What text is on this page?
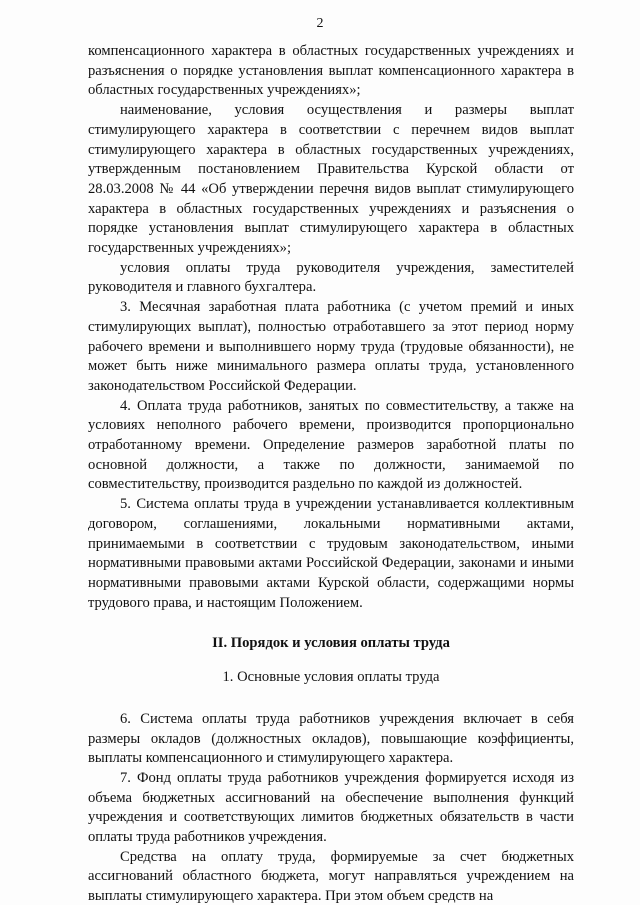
2

компенсационного характера в областных государственных учреждениях и разъяснения о порядке установления выплат компенсационного характера в областных государственных учреждениях»;

наименование, условия осуществления и размеры выплат стимулирующего характера в соответствии с перечнем видов выплат стимулирующего характера в областных государственных учреждениях, утвержденным постановлением Правительства Курской области от 28.03.2008 № 44 «Об утверждении перечня видов выплат стимулирующего характера в областных государственных учреждениях и разъяснения о порядке установления выплат стимулирующего характера в областных государственных учреждениях»;

условия оплаты труда руководителя учреждения, заместителей руководителя и главного бухгалтера.

3. Месячная заработная плата работника (с учетом премий и иных стимулирующих выплат), полностью отработавшего за этот период норму рабочего времени и выполнившего норму труда (трудовые обязанности), не может быть ниже минимального размера оплаты труда, установленного законодательством Российской Федерации.

4. Оплата труда работников, занятых по совместительству, а также на условиях неполного рабочего времени, производится пропорционально отработанному времени. Определение размеров заработной платы по основной должности, а также по должности, занимаемой по совместительству, производится раздельно по каждой из должностей.

5. Система оплаты труда в учреждении устанавливается коллективным договором, соглашениями, локальными нормативными актами, принимаемыми в соответствии с трудовым законодательством, иными нормативными правовыми актами Российской Федерации, законами и иными нормативными правовыми актами Курской области, содержащими нормы трудового права, и настоящим Положением.

II. Порядок и условия оплаты труда
1. Основные условия оплаты труда

6. Система оплаты труда работников учреждения включает в себя размеры окладов (должностных окладов), повышающие коэффициенты, выплаты компенсационного и стимулирующего характера.

7. Фонд оплаты труда работников учреждения формируется исходя из объема бюджетных ассигнований на обеспечение выполнения функций учреждения и соответствующих лимитов бюджетных обязательств в части оплаты труда работников учреждения.

Средства на оплату труда, формируемые за счет бюджетных ассигнований областного бюджета, могут направляться учреждением на выплаты стимулирующего характера. При этом объем средств на
